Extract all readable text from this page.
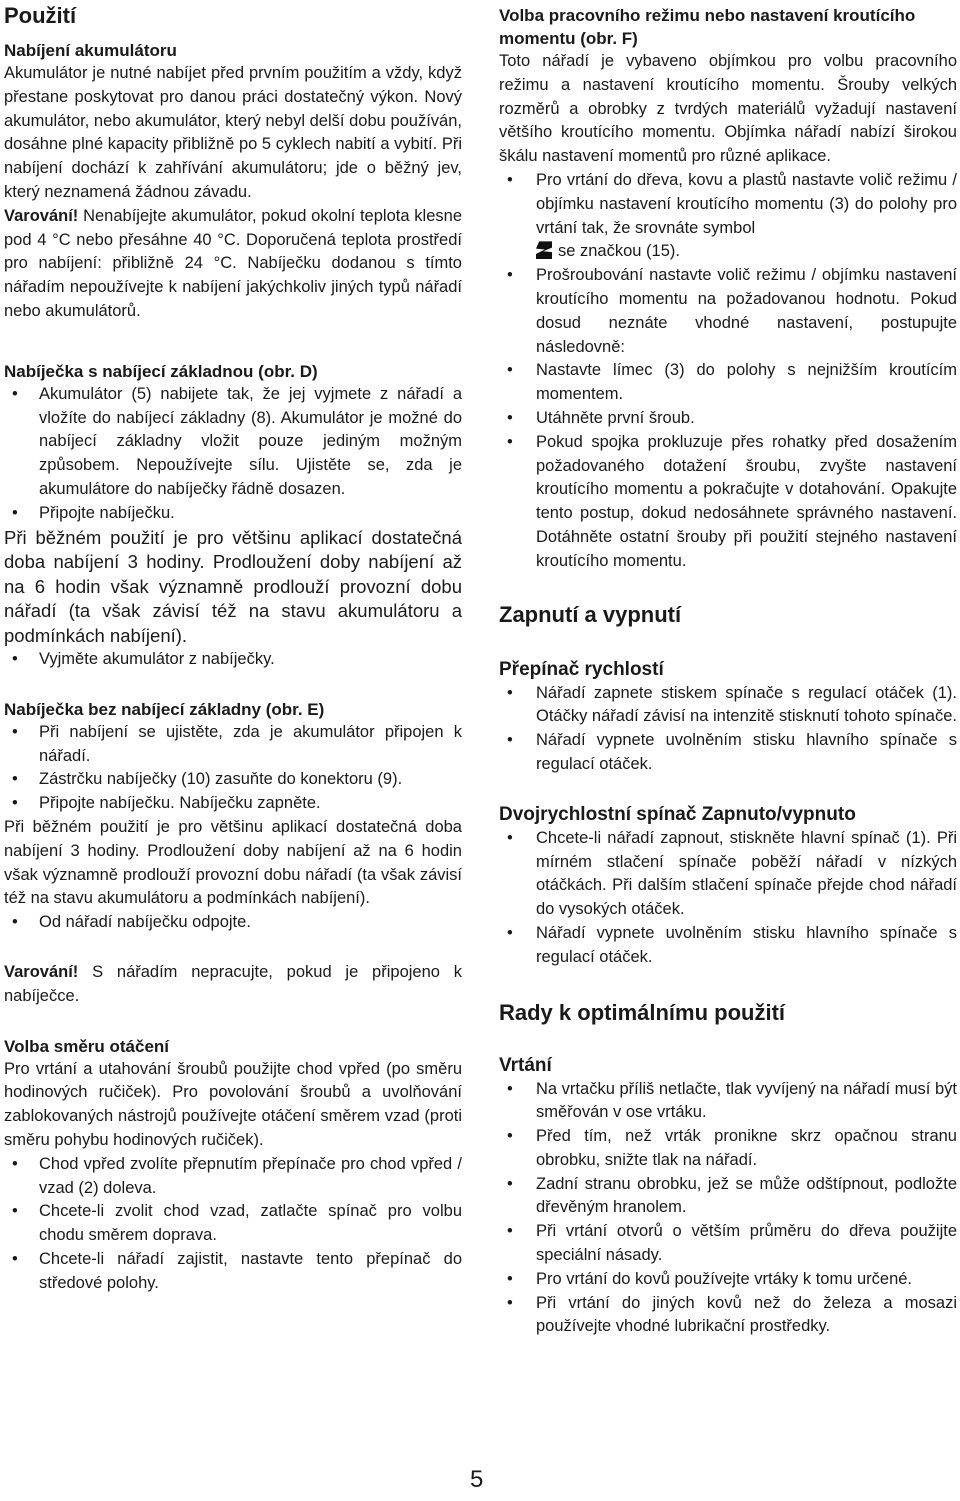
Použití
Nabíjení akumulátoru

Akumulátor je nutné nabíjet před prvním použitím a vždy, když přestane poskytovat pro danou práci dostatečný výkon. Nový akumulátor, nebo akumulátor, který nebyl delší dobu používán, dosáhne plné kapacity přibližně po 5 cyklech nabití a vybití. Při nabíjení dochází k zahřívání akumulátoru; jde o běžný jev, který neznamená žádnou závadu.

Varování! Nenabíjejte akumulátor, pokud okolní teplota klesne pod 4 °C nebo přesáhne 40 °C. Doporučená teplota prostředí pro nabíjení: přibližně 24 °C. Nabíječku dodanou s tímto nářadím nepoužívejte k nabíjení jakýchkoliv jiných typů nářadí nebo akumulátorů.

Nabíječka s nabíjecí základnou (obr. D)
• Akumulátor (5) nabijete tak, že jej vyjmete z nářadí a vložíte do nabíjecí základny (8). Akumulátor je možné do nabíjecí základny vložit pouze jediným možným způsobem. Nepoužívejte sílu. Ujistěte se, zda je akumulátore do nabíječky řádně dosazen.
• Připojte nabíječku.

Při běžném použití je pro většinu aplikací dostatečná doba nabíjení 3 hodiny. Prodloužení doby nabíjení až na 6 hodin však významně prodlouží provozní dobu nářadí (ta však závisí též na stavu akumulátoru a podmínkách nabíjení).

• Vyjměte akumulátor z nabíječky.
Nabíječka bez nabíjecí základny (obr. E)
• Při nabíjení se ujistěte, zda je akumulátor připojen k nářadí.
• Zástrčku nabíječky (10) zasuňte do konektoru (9).
• Připojte nabíječku. Nabíječku zapněte.

Při běžném použití je pro většinu aplikací dostatečná doba nabíjení 3 hodiny. Prodloužení doby nabíjení až na 6 hodin však významně prodlouží provozní dobu nářadí (ta však závisí též na stavu akumulátoru a podmínkách nabíjení).

• Od nářadí nabíječku odpojte.

Varování! S nářadím nepracujte, pokud je připojeno k nabíječce.

Volba směru otáčení

Pro vrtání a utahování šroubů použijte chod vpřed (po směru hodinových ručiček). Pro povolování šroubů a uvolňování zablokovaných nástrojů používejte otáčení směrem vzad (proti směru pohybu hodinových ručiček).

• Chod vpřed zvolíte přepnutím přepínače pro chod vpřed / vzad (2) doleva.
• Chcete-li zvolit chod vzad, zatlačte spínač pro volbu chodu směrem doprava.
• Chcete-li nářadí zajistit, nastavte tento přepínač do středové polohy.
Volba pracovního režimu nebo nastavení kroutícího momentu (obr. F)

Toto nářadí je vybaveno objímkou pro volbu pracovního režimu a nastavení kroutícího momentu. Šrouby velkých rozměrů a obrobky z tvrdých materiálů vyžadují nastavení většího kroutícího momentu. Objímka nářadí nabízí širokou škálu nastavení momentů pro různé aplikace.

• Pro vrtání do dřeva, kovu a plastů nastavte volič režimu / objímku nastavení kroutícího momentu (3) do polohy pro vrtání tak, že srovnáte symbol
se značkou (15).
• Prošroubování nastavte volič režimu / objímku nastavení kroutícího momentu na požadovanou hodnotu. Pokud dosud neznáte vhodné nastavení, postupujte následovně:
• Nastavte límec (3) do polohy s nejnižším kroutícím momentem.
• Utáhněte první šroub.
• Pokud spojka prokluzuje přes rohatky před dosažením požadovaného dotažení šroubu, zvyšte nastavení kroutícího momentu a pokračujte v dotahování. Opakujte tento postup, dokud nedosáhnete správného nastavení. Dotáhněte ostatní šrouby při použití stejného nastavení kroutícího momentu.
Zapnutí a vypnutí
Přepínač rychlostí
• Nářadí zapnete stiskem spínače s regulací otáček (1). Otáčky nářadí závisí na intenzitě stisknutí tohoto spínače.
• Nářadí vypnete uvolněním stisku hlavního spínače s regulací otáček.
Dvojrychlostní spínač Zapnuto/vypnuto
• Chcete-li nářadí zapnout, stiskněte hlavní spínač (1). Při mírném stlačení spínače poběží nářadí v nízkých otáčkách. Při dalším stlačení spínače přejde chod nářadí do vysokých otáček.
• Nářadí vypnete uvolněním stisku hlavního spínače s regulací otáček.
Rady k optimálnímu použití
Vrtání
• Na vrtačku příliš netlačte, tlak vyvíjený na nářadí musí být směřován v ose vrtáku.
• Před tím, než vrták pronikne skrz opačnou stranu obrobku, snižte tlak na nářadí.
• Zadní stranu obrobku, jež se může odštípnout, podložte dřevěným hranolem.
• Při vrtání otvorů o větším průměru do dřeva použijte speciální násady.
• Pro vrtání do kovů používejte vrtáky k tomu určené.
• Při vrtání do jiných kovů než do železa a mosazi používejte vhodné lubrikační prostředky.
5
